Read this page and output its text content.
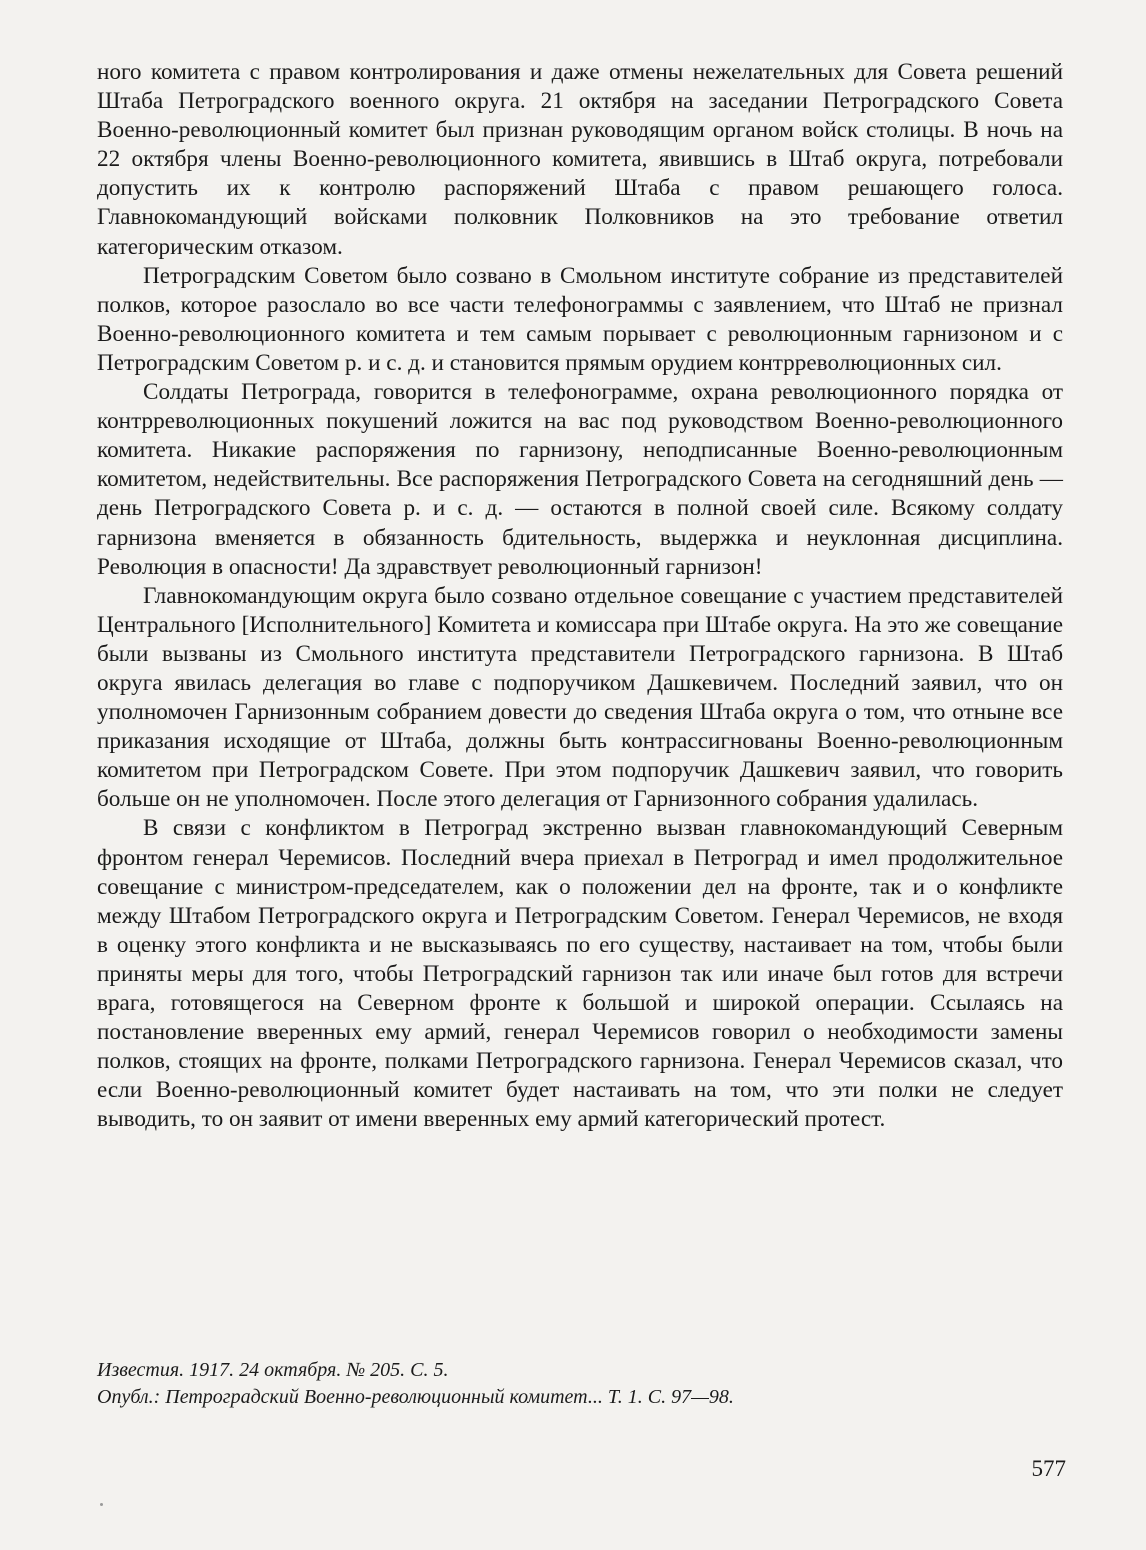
ного комитета с правом контролирования и даже отмены нежелательных для Совета решений Штаба Петроградского военного округа. 21 октября на заседании Петроградского Совета Военно-революционный комитет был признан руководящим органом войск столицы. В ночь на 22 октября члены Военно-революционного комитета, явившись в Штаб округа, потребовали допустить их к контролю распоряжений Штаба с правом решающего голоса. Главнокомандующий войсками полковник Полковников на это требование ответил категорическим отказом.

Петроградским Советом было созвано в Смольном институте собрание из представителей полков, которое разослало во все части телефонограммы с заявлением, что Штаб не признал Военно-революционного комитета и тем самым порывает с революционным гарнизоном и с Петроградским Советом р. и с. д. и становится прямым орудием контрреволюционных сил.

Солдаты Петрограда, говорится в телефонограмме, охрана революционного порядка от контрреволюционных покушений ложится на вас под руководством Военно-революционного комитета. Никакие распоряжения по гарнизону, неподписанные Военно-революционным комитетом, недействительны. Все распоряжения Петроградского Совета на сегодняшний день — день Петроградского Совета р. и с. д. — остаются в полной своей силе. Всякому солдату гарнизона вменяется в обязанность бдительность, выдержка и неуклонная дисциплина. Революция в опасности! Да здравствует революционный гарнизон!

Главнокомандующим округа было созвано отдельное совещание с участием представителей Центрального [Исполнительного] Комитета и комиссара при Штабе округа. На это же совещание были вызваны из Смольного института представители Петроградского гарнизона. В Штаб округа явилась делегация во главе с подпоручиком Дашкевичем. Последний заявил, что он уполномочен Гарнизонным собранием довести до сведения Штаба округа о том, что отныне все приказания исходящие от Штаба, должны быть контрассигнованы Военно-революционным комитетом при Петроградском Совете. При этом подпоручик Дашкевич заявил, что говорить больше он не уполномочен. После этого делегация от Гарнизонного собрания удалилась.

В связи с конфликтом в Петроград экстренно вызван главнокомандующий Северным фронтом генерал Черемисов. Последний вчера приехал в Петроград и имел продолжительное совещание с министром-председателем, как о положении дел на фронте, так и о конфликте между Штабом Петроградского округа и Петроградским Советом. Генерал Черемисов, не входя в оценку этого конфликта и не высказываясь по его существу, настаивает на том, чтобы были приняты меры для того, чтобы Петроградский гарнизон так или иначе был готов для встречи врага, готовящегося на Северном фронте к большой и широкой операции. Ссылаясь на постановление вверенных ему армий, генерал Черемисов говорил о необходимости замены полков, стоящих на фронте, полками Петроградского гарнизона. Генерал Черемисов сказал, что если Военно-революционный комитет будет настаивать на том, что эти полки не следует выводить, то он заявит от имени вверенных ему армий категорический протест.

Известия. 1917. 24 октября. № 205. С. 5.
Опубл.: Петроградский Военно-революционный комитет... Т. 1. С. 97—98.
577
